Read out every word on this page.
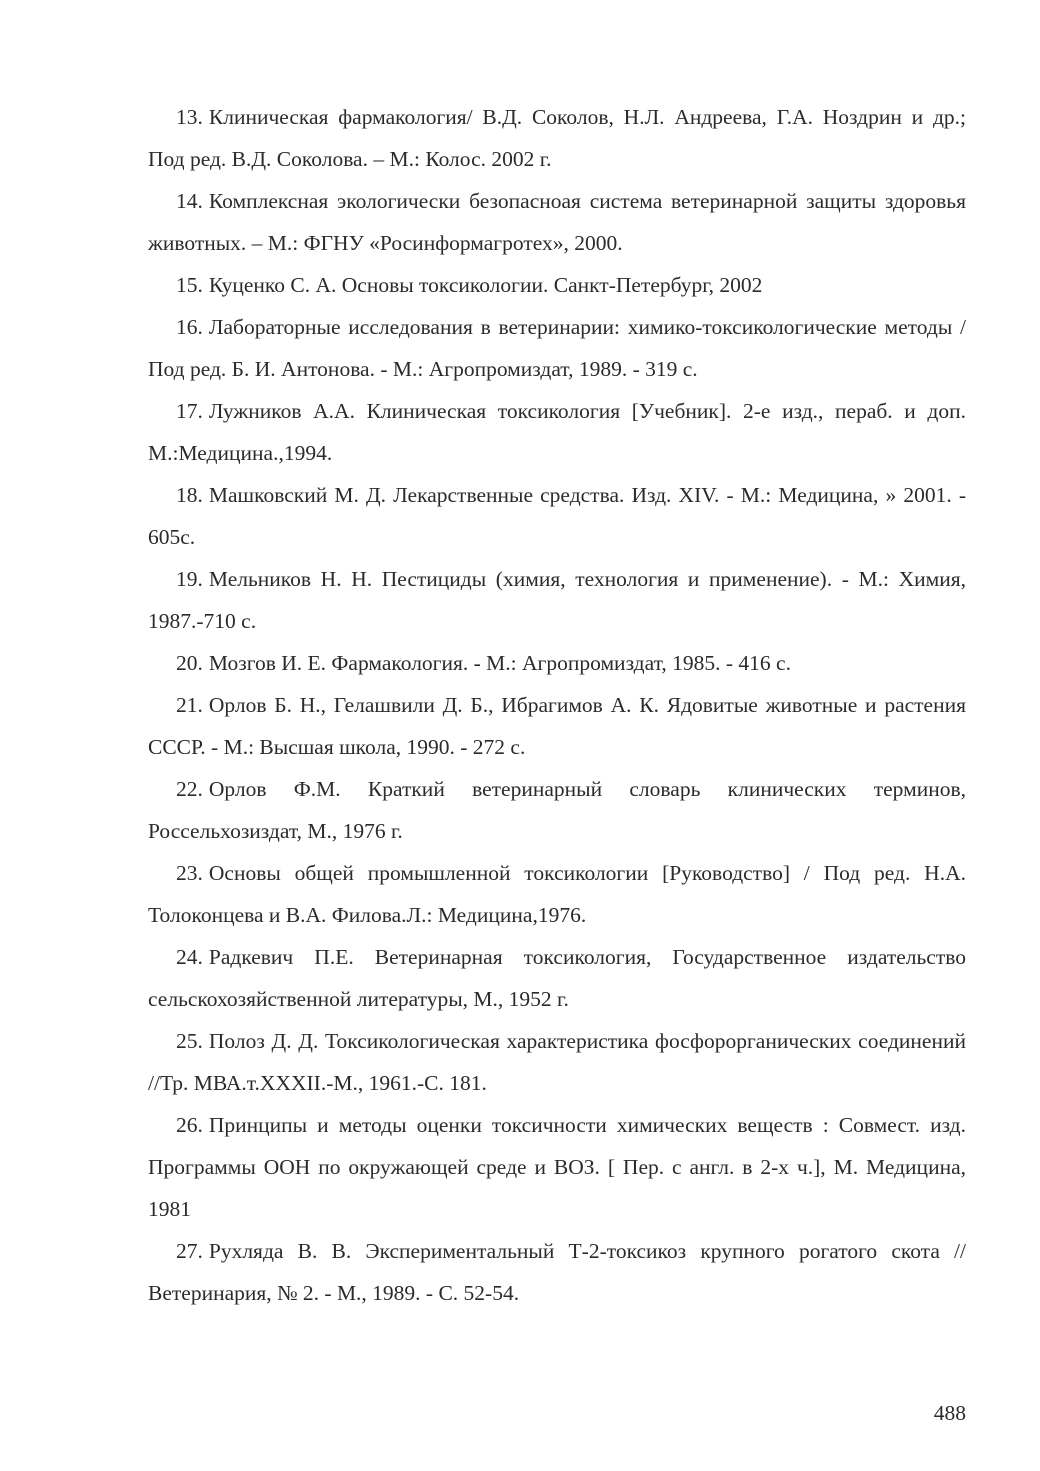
13. Клиническая фармакология/ В.Д. Соколов, Н.Л. Андреева, Г.А. Ноздрин и др.; Под ред. В.Д. Соколова. – М.: Колос. 2002 г.

14. Комплексная экологически безопасноая система ветеринарной защиты здоровья животных. – М.: ФГНУ «Росинформагротех», 2000.

15. Куценко С. А. Основы токсикологии. Санкт-Петербург, 2002

16. Лабораторные исследования в ветеринарии: химико-токсикологические методы /Под ред. Б. И. Антонова. - М.: Агропромиздат, 1989. - 319 с.

17. Лужников А.А. Клиническая токсикология [Учебник]. 2-е изд., пераб. и доп. М.:Медицина.,1994.

18. Машковский М. Д. Лекарственные средства. Изд. XIV. - М.: Медицина, » 2001. - 605с.

19. Мельников Н. Н. Пестициды (химия, технология и применение). - М.: Химия, 1987.-710 с.

20. Мозгов И. Е. Фармакология. - М.: Агропромиздат, 1985. - 416 с.

21. Орлов Б. Н., Гелашвили Д. Б., Ибрагимов А. К. Ядовитые животные и растения СССР. - М.: Высшая школа, 1990. - 272 с.

22. Орлов Ф.М. Краткий ветеринарный словарь клинических терминов, Россельхозиздат, М., 1976 г.

23. Основы общей промышленной токсикологии [Руководство] / Под ред. Н.А. Толоконцева и В.А. Филова.Л.: Медицина,1976.

24. Радкевич П.Е. Ветеринарная токсикология, Государственное издательство сельскохозяйственной литературы, М., 1952 г.

25. Полоз Д. Д. Токсикологическая характеристика фосфорорганических соединений //Тр. МВА.т.XXXII.-М., 1961.-С. 181.

26. Принципы и методы оценки токсичности химических веществ : Совмест. изд. Программы ООН по окружающей среде и ВОЗ. [ Пер. с англ. в 2-х ч.], М. Медицина, 1981

27. Рухляда В. В. Экспериментальный Т-2-токсикоз крупного рогатого скота // Ветеринария, № 2. - М., 1989. - С. 52-54.

488
